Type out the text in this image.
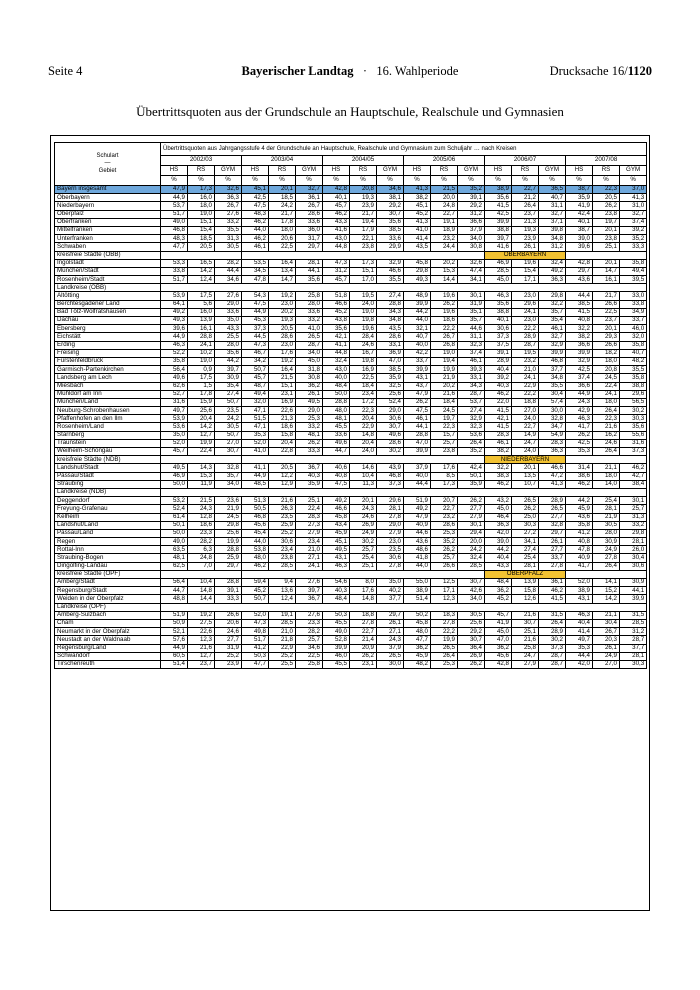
Seite 4	Bayerischer Landtag · 16. Wahlperiode	Drucksache 16/1120
Übertrittsquoten aus der Grundschule an Hauptschule, Realschule und Gymnasien
Schulart
—
Gebiet	Übertrittsquoten aus Jahrgangsstufe 4 der Grundschule an Hauptschule, Realschule und Gymnasium zum Schuljahr … nach Kreisen																	
	2002/03			2003/04			2004/05			2005/06			2006/07			2007/08		
	HS	RS	GYM	HS	RS	GYM	HS	RS	GYM	HS	RS	GYM	HS	RS	GYM	HS	RS	GYM
	%	%	%	%	%	%	%	%	%	%	%	%	%	%	%	%	%	%
Bayern insgesamt	47,9	17,3	32,6	45,1	20,1	32,7	42,8	20,8	34,6	41,3	21,5	35,2	38,9	22,7	36,5	38,7	22,3	37,0
Oberbayern	44,9	16,0	36,3	42,5	18,5	36,1	40,1	19,3	38,1	38,2	20,0	39,1	35,6	21,2	40,7	35,9	20,5	41,3
Niederbayern	53,7	18,0	26,7	47,5	24,2	26,7	45,7	23,9	29,2	45,1	24,8	29,2	41,5	26,4	31,1	41,9	26,2	31,0
Oberpfalz	51,7	19,0	27,6	48,3	21,7	28,6	46,2	21,7	30,7	45,2	22,7	31,2	42,5	23,7	32,7	42,4	23,8	32,7
Oberfranken	49,0	15,1	33,2	46,2	17,8	33,6	43,3	19,4	35,6	41,3	19,1	36,6	39,9	21,3	37,1	40,1	19,7	37,4
Mittelfranken	46,8	15,4	35,5	44,0	18,0	36,0	41,6	17,9	38,5	41,0	18,9	37,9	38,8	19,3	39,8	38,7	20,1	39,2
Unterfranken	48,3	18,5	31,3	46,2	20,6	31,7	43,0	22,1	33,6	41,4	23,2	34,0	39,7	23,9	34,8	39,0	23,8	35,2
Schwaben	47,7	20,5	30,5	46,1	22,5	29,7	44,8	23,8	29,9	43,5	24,4	30,8	41,6	26,1	31,2	39,6	25,1	33,3
kreisfreie Städte (OBB)													OBERBAYERN					
Ingolstadt	53,3	16,5	28,2	53,5	16,4	28,1	47,3	17,3	32,9	45,8	20,2	32,6	46,9	19,6	32,4	42,8	20,1	35,8
München/Stadt	33,8	14,2	44,4	34,5	13,4	44,1	31,2	15,1	46,6	29,8	15,3	47,4	28,5	15,4	49,2	29,7	14,7	49,4
Rosenheim/Stadt	51,7	12,4	34,6	47,8	14,7	35,6	45,7	17,0	35,5	49,3	14,4	34,1	45,0	17,1	36,3	43,6	16,1	39,5
Landkreise (OBB)																		
Altötting	53,9	17,5	27,6	54,3	19,2	25,8	51,8	19,5	27,4	48,9	19,6	30,1	46,3	23,0	29,8	44,4	21,7	33,0
Berchtesgadener Land	64,1	5,6	29,0	47,5	23,0	28,0	46,6	24,0	28,8	39,9	26,2	31,9	35,6	29,6	32,2	38,5	26,6	33,8
Bad Tölz-Wolfratshausen	49,2	16,0	33,6	44,9	20,2	33,6	45,2	19,0	34,3	44,2	19,6	35,1	38,8	24,1	35,7	41,5	22,5	34,9
Dachau	49,3	13,9	35,0	45,3	19,3	33,2	43,8	19,8	34,8	44,0	18,6	35,7	40,1	23,0	35,4	40,8	23,7	33,7
Ebersberg	39,6	16,1	43,3	37,3	20,5	41,0	35,6	19,6	43,5	32,1	22,2	44,6	30,6	22,2	46,1	32,2	20,1	46,0
Eichstätt	44,9	28,8	25,5	44,5	28,6	26,5	42,1	28,4	28,6	40,7	26,7	31,1	37,3	28,9	32,7	38,2	29,3	32,0
Erding	46,3	24,1	28,0	47,3	23,0	28,7	41,1	24,6	33,1	40,0	26,8	32,3	37,5	28,7	32,9	36,6	26,6	35,8
Freising	52,2	10,2	35,6	46,7	17,6	34,0	44,8	16,7	36,9	42,2	19,0	37,4	39,1	19,5	39,9	39,9	18,2	40,7
Fürstenfeldbruck	35,8	19,0	44,2	34,2	19,2	45,0	32,4	19,8	47,0	33,7	19,4	46,1	28,9	23,2	46,8	32,9	18,0	48,2
Garmisch-Partenkirchen	56,4	0,9	39,7	50,7	16,4	31,8	43,0	16,9	38,5	39,9	19,9	39,3	40,4	21,0	37,7	42,5	20,8	35,5
Landsberg am Lech	49,6	17,5	30,9	45,7	21,5	30,8	40,0	22,5	35,9	43,1	21,9	33,1	39,2	24,1	34,8	37,4	24,5	35,8
Miesbach	62,6	1,5	35,4	48,7	15,1	36,2	48,4	18,4	32,5	43,7	20,2	34,3	40,3	22,9	35,5	36,6	22,4	38,8
Mühldorf am Inn	52,7	17,8	27,4	49,4	23,1	26,1	50,0	23,4	25,6	47,9	21,6	28,7	46,2	22,2	30,4	44,9	24,1	29,6
München/Land	31,6	15,9	50,7	32,0	16,9	49,5	28,8	17,2	52,4	26,2	18,4	53,7	22,0	18,8	57,4	24,3	18,0	56,5
Neuburg-Schrobenhausen	49,7	25,6	23,5	47,1	22,6	29,0	48,0	22,3	29,0	47,5	24,5	27,4	41,5	27,0	30,0	42,9	26,4	30,2
Pfaffenhofen an den Ilm	53,9	20,4	24,2	51,5	21,3	25,3	48,1	20,4	30,6	46,1	19,7	32,9	42,1	24,0	32,8	46,3	22,3	30,3
Rosenheim/Land	53,6	14,2	30,5	47,1	18,6	33,2	45,5	22,9	30,7	44,1	22,3	32,3	41,5	22,7	34,7	41,7	21,6	35,6
Starnberg	35,0	12,7	50,7	35,3	15,8	48,1	33,6	14,8	49,6	28,8	15,7	53,6	28,3	14,9	54,9	26,2	16,2	55,6
Traunstein	52,0	19,9	27,0	52,0	20,4	26,2	49,6	20,4	28,6	47,0	25,7	26,4	46,1	24,7	28,3	42,5	24,6	31,6
Weilheim-Schongau	45,7	22,4	30,7	41,0	22,8	33,3	44,7	24,0	30,2	39,9	23,8	35,2	38,2	24,0	36,3	35,3	26,4	37,3
kreisfreie Städte (NDB)													NIEDERBAYERN					
Landshut/Stadt	49,5	14,3	32,8	41,1	20,5	36,7	40,6	14,6	43,9	37,9	17,6	42,4	32,2	20,1	46,6	31,4	21,1	46,2
Passau/Stadt	46,9	15,3	35,7	44,9	12,2	40,3	40,8	10,4	46,8	40,0	8,5	50,1	38,3	13,5	47,2	38,6	18,0	42,7
Straubing	50,0	11,9	34,0	48,5	12,9	35,9	47,5	11,3	37,3	44,4	17,3	35,9	46,2	10,7	41,3	46,2	14,0	38,4
Landkreise (NDB)																		
Deggendorf	53,2	21,5	23,6	51,3	21,6	25,1	49,2	20,1	29,6	51,9	20,7	26,2	43,2	26,5	28,9	44,2	25,4	30,1
Freyung-Grafenau	52,4	24,3	21,9	50,5	26,3	22,4	46,6	24,3	28,1	49,2	22,7	27,7	45,0	26,2	26,5	45,9	28,1	25,7
Kelheim	61,4	12,8	24,5	46,8	23,5	28,3	45,8	24,6	27,8	47,9	23,2	27,9	46,4	25,0	27,7	43,6	21,9	31,3
Landshut/Land	50,1	18,6	29,8	45,6	25,9	27,3	43,4	26,9	29,0	40,9	28,6	30,1	36,3	30,3	32,8	35,8	30,5	33,2
Passau/Land	50,0	23,3	25,6	45,4	25,2	27,9	45,9	24,9	27,9	44,6	25,3	29,4	42,0	27,2	29,7	41,2	28,0	29,8
Regen	49,0	28,2	19,9	44,0	30,6	23,4	45,1	30,2	23,0	43,6	35,2	20,0	39,0	34,1	26,1	40,8	30,9	28,1
Rottal-Inn	63,5	6,3	28,8	53,8	23,4	21,0	49,5	25,7	23,5	48,6	26,2	24,2	44,2	27,4	27,7	47,8	24,9	26,0
Straubing-Bogen	48,1	24,8	25,9	48,0	23,8	27,1	43,1	25,4	30,6	41,8	25,7	32,4	40,4	25,4	33,7	40,9	27,8	30,4
Dingolfing-Landau	62,5	7,0	29,7	46,2	28,5	24,1	46,3	25,1	27,8	44,0	26,6	28,5	43,3	28,1	27,8	41,7	26,4	30,6
kreisfreie Städte (OPF)													OBERPFALZ					
Amberg/Stadt	56,4	10,4	28,8	59,4	9,4	27,6	54,6	8,0	35,0	55,0	12,5	30,7	48,4	13,9	36,1	52,0	14,1	30,9
Regensburg/Stadt	44,7	14,8	39,1	45,2	13,6	39,7	40,3	17,6	40,2	38,9	17,1	42,6	36,2	15,8	46,2	38,9	15,2	44,1
Weiden in der Oberpfalz	48,8	14,4	33,3	50,7	12,4	36,7	48,4	14,8	37,7	51,4	12,3	34,0	45,2	12,6	41,5	43,1	14,2	39,9
Landkreise (OPF)																		
Amberg-Sulzbach	51,9	19,2	26,6	52,0	19,1	27,6	50,3	18,8	29,7	50,2	18,3	30,5	45,7	21,6	31,5	46,3	21,1	31,5
Cham	50,9	27,5	20,6	47,3	28,5	23,3	45,5	27,8	26,1	45,8	27,8	25,6	41,9	30,7	26,4	40,4	30,4	28,5
Neumarkt in der Oberpfalz	52,1	22,6	24,6	49,8	21,0	28,2	49,0	22,7	27,1	48,0	22,2	29,2	45,0	25,1	28,9	41,4	26,7	31,2
Neustadt an der Waldnaab	57,6	12,3	27,7	51,7	21,8	25,7	52,8	21,4	24,3	47,7	19,9	30,7	47,0	21,6	30,2	49,7	20,3	28,7
Regensburg/Land	44,9	21,6	31,9	41,2	22,9	34,6	39,9	20,9	37,9	36,2	26,5	36,4	36,2	25,8	37,3	35,3	26,1	37,7
Schwandorf	60,5	12,7	25,2	50,3	25,2	22,5	46,0	26,2	26,5	45,9	26,4	26,9	45,6	24,7	28,7	44,4	24,9	28,1
Tirschenreuth	51,4	23,7	23,9	47,7	25,5	25,8	45,5	23,1	30,0	48,2	25,3	26,2	42,8	27,9	28,7	42,0	27,0	30,3
